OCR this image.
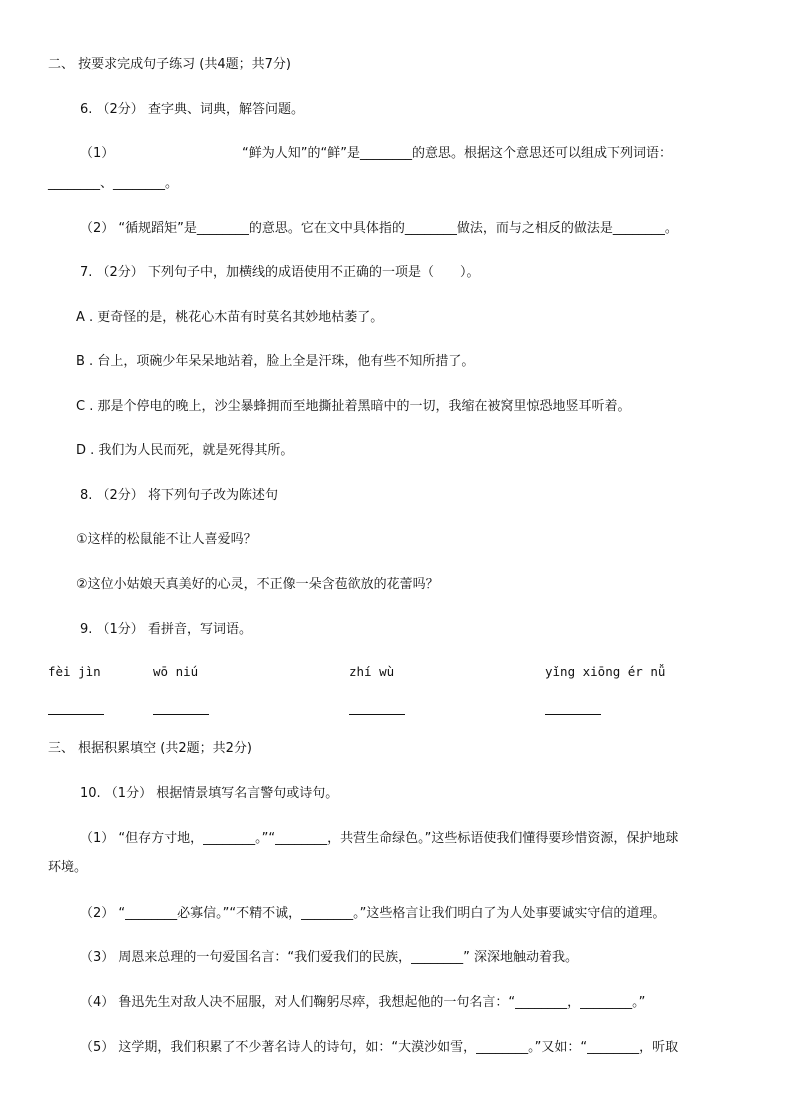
二、 按要求完成句子练习 (共4题；共7分)
6. （2分） 查字典、词典，解答问题。
（1）	“鲜为人知”的“鲜”是________的意思。根据这个意思还可以组成下列词语：
________、________。
（2） “循规蹈矩”是________的意思。它在文中具体指的________做法，而与之相反的做法是________。
7. （2分） 下列句子中，加横线的成语使用不正确的一项是（　　）。
A . 更奇怪的是，桃花心木苗有时莫名其妙地枯萎了。
B . 台上，项碗少年呆呆地站着，脸上全是汗珠，他有些不知所措了。
C . 那是个停电的晚上，沙尘暴蜂拥而至地撕扯着黑暗中的一切，我缩在被窝里惊恐地竖耳听着。
D . 我们为人民而死，就是死得其所。
8. （2分） 将下列句子改为陈述句
①这样的松鼠能不让人喜爱吗？
②这位小姑娘天真美好的心灵，不正像一朵含苞欲放的花蕾吗？
9. （1分） 看拼音，写词语。
fèi jìn	wō niú	zhí wù	yǐng xiōng ér nǚ
三、 根据积累填空 (共2题；共2分)
10. （1分） 根据情景填写名言警句或诗句。
（1） “但存方寸地，________。”“________，共营生命绿色。”这些标语使我们懂得要珍惜资源，保护地球
环境。
（2） “________必寡信。”“不精不诚，________。”这些格言让我们明白了为人处事要诚实守信的道理。
（3） 周恩来总理的一句爱国名言：“我们爱我们的民族，________” 深深地触动着我。
（4） 鲁迅先生对敌人决不屈服，对人们鞠躬尽瘁，我想起他的一句名言：“________，________。”
（5） 这学期，我们积累了不少著名诗人的诗句，如：“大漠沙如雪，________。”又如：“________，听取
